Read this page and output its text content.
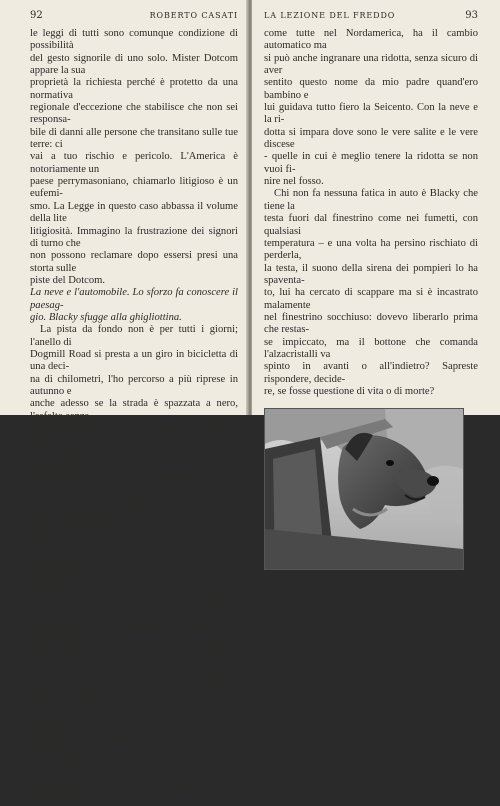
92	ROBERTO CASATI

le leggi di tutti sono comunque condizione di possibilità
del gesto signorile di uno solo. Mister Dotcom appare la sua
proprietà la richiesta perché è protetto da una normativa
regionale d'eccezione che stabilisce che non sei responsa-
bile di danni alle persone che transitano sulle tue terre: ci
vai a tuo rischio e pericolo. L'America è notoriamente un
paese perrymasoniano, chiamarlo litigioso è un eufemi-
smo. La Legge in questo caso abbassa il volume della lite
litigiosità. Immagino la frustrazione dei signori di turno che
non possono reclamare dopo essersi presi una storta sulle
piste del Dotcom.

La neve e l'automobile. Lo sforzo fa conoscere il paesag-
gio. Blacky sfugge alla ghigliottina.

La pista da fondo non è per tutti i giorni; l'anello di
Dogmill Road si presta a un giro in bicicletta di una deci-
na di chilometri, l'ho percorso a più riprese in autunno e
anche adesso se la strada è spazzata a nero, l'asfalto senza
traccia di ghiaccio, mi ci avventuro con energia. Andare
in bicicletta significa sperimentare per i molti saliscendi,
molti più di quelli che ci appaiono in auto. L'auto ha pochi
frenava e per sopramomentaneo ha anche inerzia, terminata la
discesa risale senza fatica il pendio che segue; in biciclet-
ta possiamo lanciarci quanto ci pare nel vento del pendio,
a un terzo della salita siamo di nuovo sudati, costretti
a pedalare, arranchiamo prima di scollinare, vediamo
no la cima come una promessa e un ristoro. La bicicletta
è uno strumento di conoscenza del paesaggio, ci fa vede-
re con la visione ma con la tensione dei muscoli e il
respiro in affanno.

È tuttavia con la neve sulle strade l'auto acquista
anch'essa delle antenne conoscitive, cambia il modo in
cui l'organizziamo gli sforzi. Sono certo sforzi vicari, ma
li avvertiamo come se ci appartenessero. La nostra auto,

LA LEZIONE DEL FREDDO	93

come tutte nel Nordamerica, ha il cambio automatico ma
si può anche ingranare una ridotta, senza sicuro di aver
sentito questo nome da mio padre quand'ero bambino e
lui guidava tutto fiero la Seicento. Con la neve e la ri-
dotta si impara dove sono le vere salite e le vere discese
- quelle in cui è meglio tenere la ridotta se non vuoi fi-
nire nel fosso.

Chi non fa nessuna fatica in auto è Blacky che tiene la
testa fuori dal finestrino come nei fumetti, con qualsiasi
temperatura – e una volta ha persino rischiato di perderla,
la testa, il suono della sirena dei pompieri lo ha spaventa-
to, lui ha cercato di scappare ma si è incastrato malamente
nel finestrino socchiuso: dovevo liberarlo prima che restas-
se impiccato, ma il bottone che comanda l'alzacristalli va
spinto in avanti o all'indietro? Sapreste rispondere, decide-
re, se fosse questione di vita o di morte?
